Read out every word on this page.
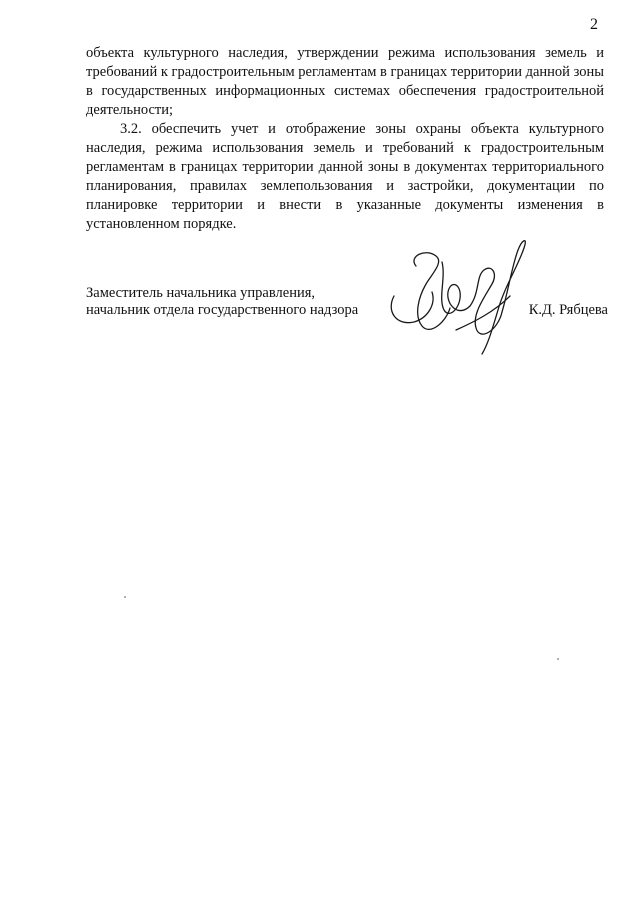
2

объекта культурного наследия, утверждении режима использования земель и требований к градостроительным регламентам в границах территории данной зоны в государственных информационных системах обеспечения градостроительной деятельности;

3.2. обеспечить учет и отображение зоны охраны объекта культурного наследия, режима использования земель и требований к градостроительным регламентам в границах территории данной зоны в документах территориального планирования, правилах землепользования и застройки, документации по планировке территории и внести в указанные документы изменения в установленном порядке.

Заместитель начальника управления,
начальник отдела государственного надзора	К.Д. Рябцева
